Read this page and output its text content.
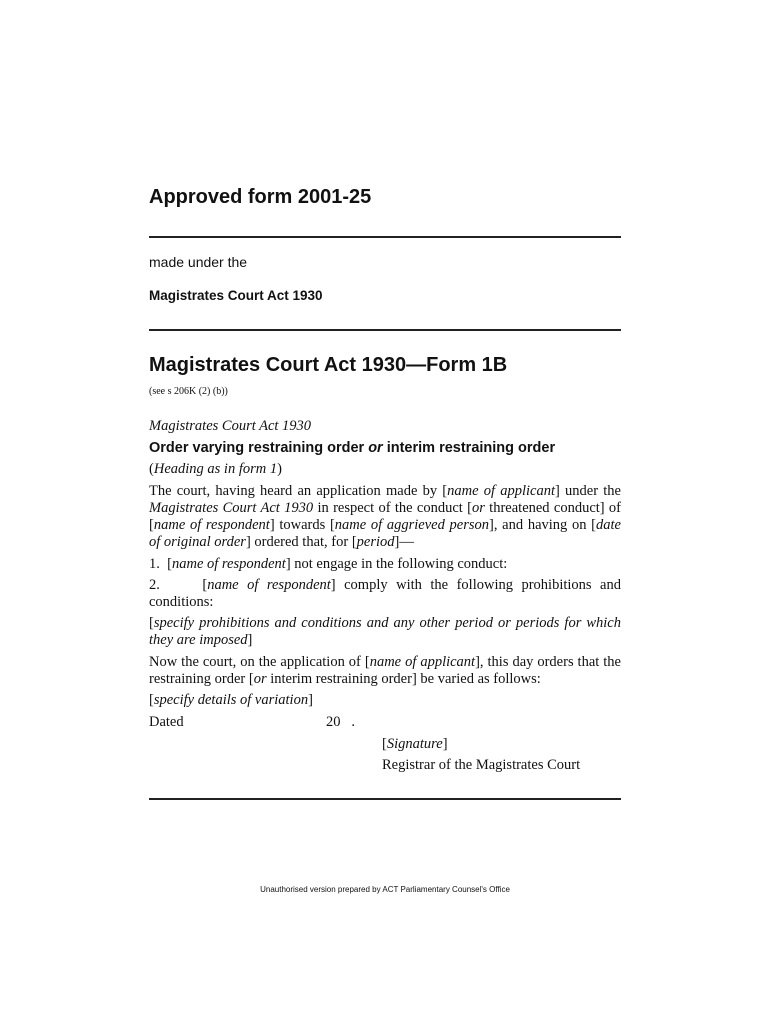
Approved form 2001-25
made under the
Magistrates Court Act 1930
Magistrates Court Act 1930—Form 1B
(see s 206K (2) (b))
Magistrates Court Act 1930
Order varying restraining order or interim restraining order
(Heading as in form 1)
The court, having heard an application made by [name of applicant] under the Magistrates Court Act 1930 in respect of the conduct [or threatened conduct] of [name of respondent] towards [name of aggrieved person], and having on [date of original order] ordered that, for [period]—
1. [name of respondent] not engage in the following conduct:
2.	[name of respondent] comply with the following prohibitions and conditions:
[specify prohibitions and conditions and any other period or periods for which they are imposed]
Now the court, on the application of [name of applicant], this day orders that the restraining order [or interim restraining order] be varied as follows:
[specify details of variation]
Dated	20   .
[Signature]
Registrar of the Magistrates Court
Unauthorised version prepared by ACT Parliamentary Counsel's Office
